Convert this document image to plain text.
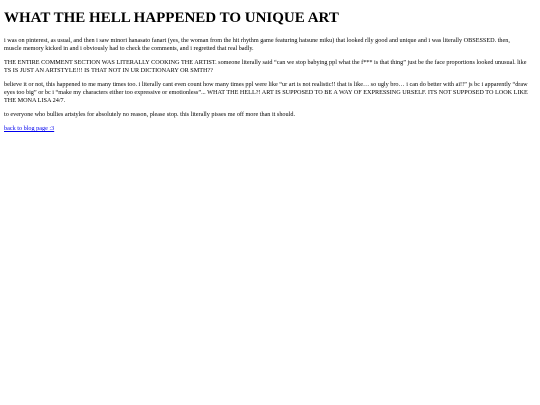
WHAT THE HELL HAPPENED TO UNIQUE ART

i was on pinterest, as usual, and then i saw minori hanasato fanart (yes, the woman from the hit rhythm game featuring hatsune miku) that looked rlly good and unique and i was literally OBSESSED. then, muscle memory kicked in and i obviously had to check the comments, and i regretted that real badly.

THE ENTIRE COMMENT SECTION WAS LITERALLY COOKING THE ARTIST. someone literally said “can we stop babying ppl what the f*** is that thing” just be the face proportions looked unusual. like TS IS JUST AN ARTSTYLE!!! IS THAT NOT IN UR DICTIONARY OR SMTH??

believe it or not, this happened to me many times too. i literally cant even count how many times ppl were like “ur art is not realistic!! that is like… so ugly bro… i can do better with ai!!” js bc i apparently “draw eyes too big” or bc i “make my characters either too expressive or emotionless”... WHAT THE HELL?! ART IS SUPPOSED TO BE A WAY OF EXPRESSING URSELF. ITS NOT SUPPOSED TO LOOK LIKE THE MONA LISA 24/7.

to everyone who bullies artstyles for absolutely no reason, please stop. this literally pisses me off more than it should.

back to blog page :3
